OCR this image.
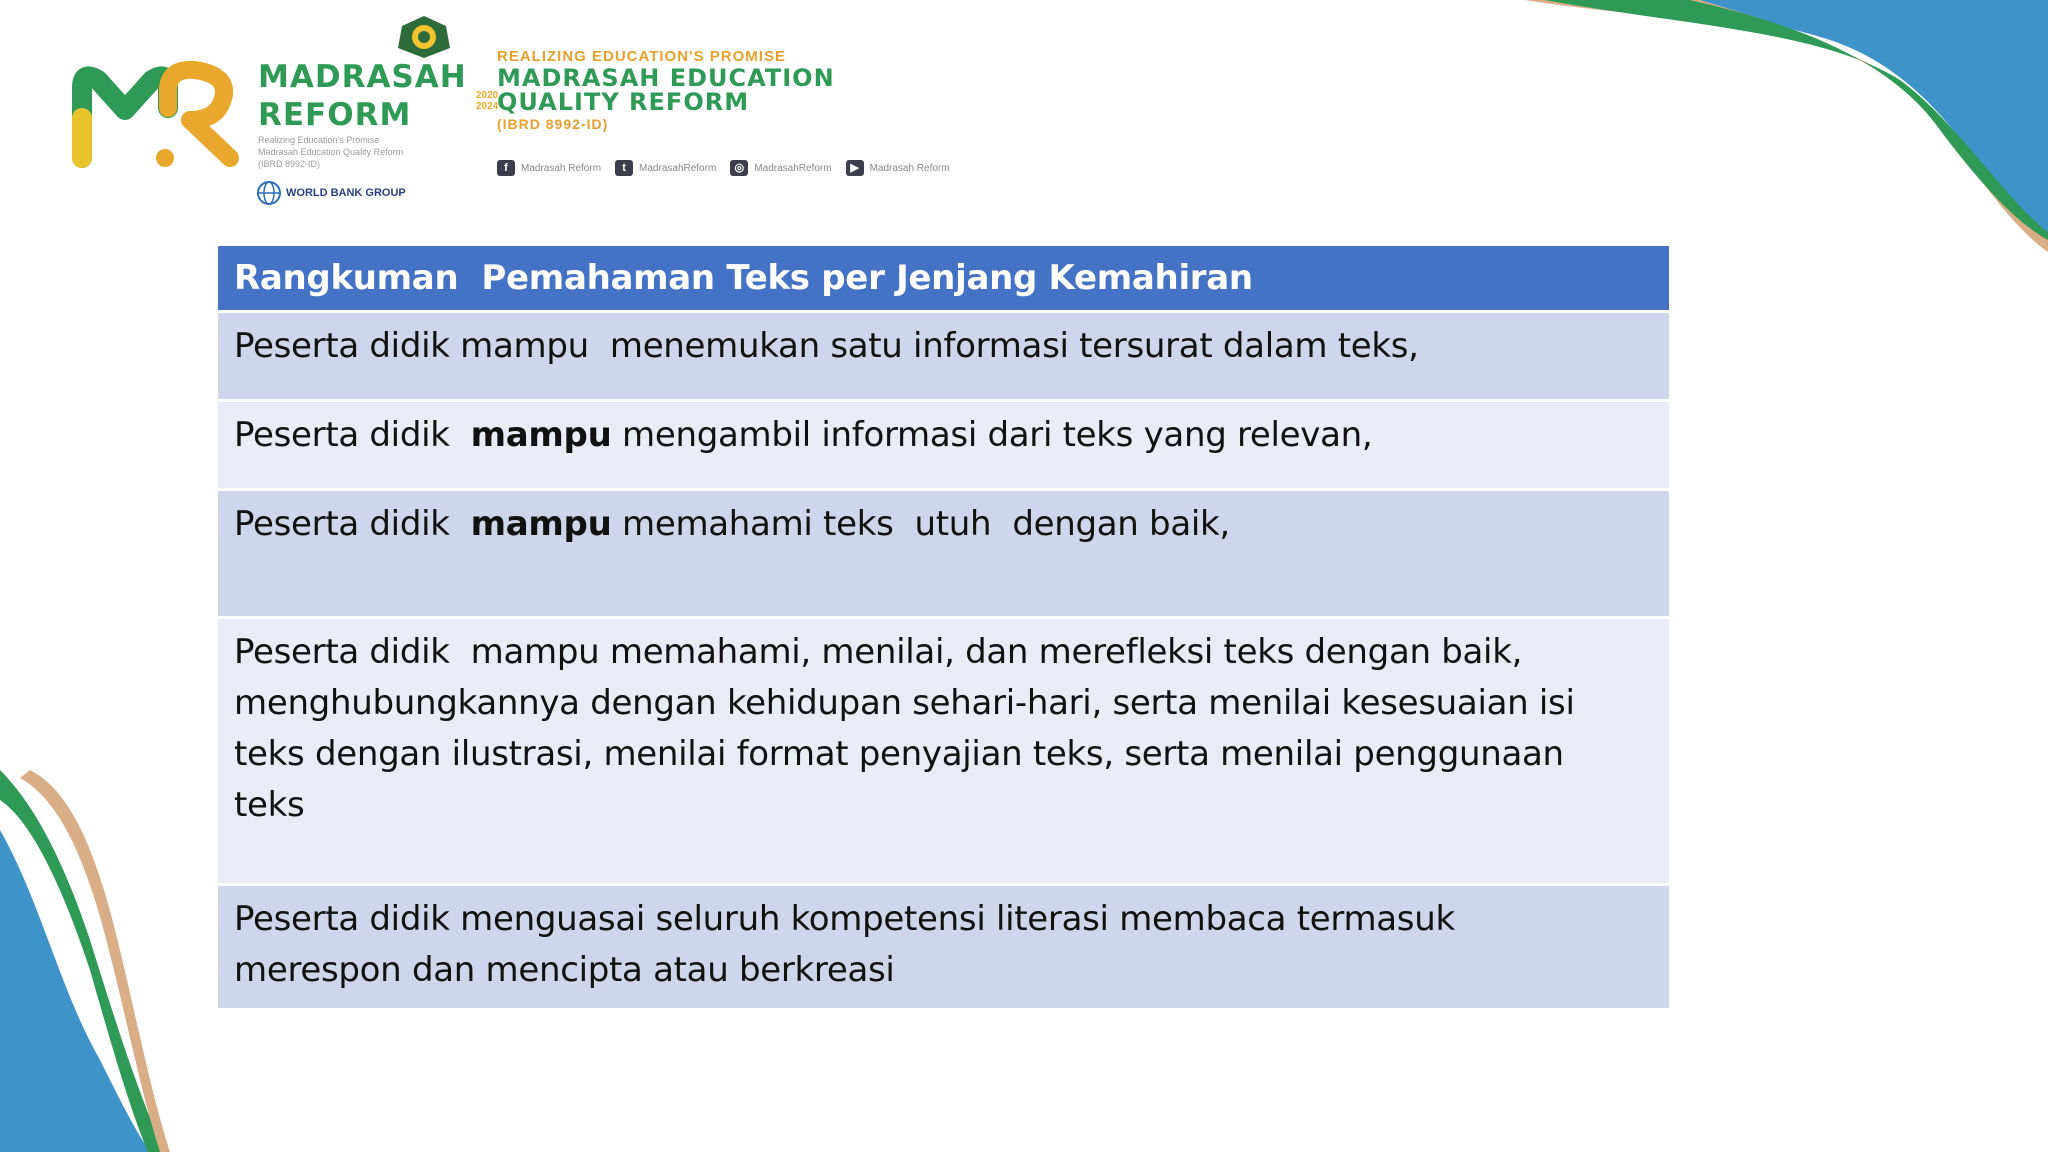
MADRASAH
REFORM
2020
2024
Realizing Education's Promise
Madrasah Education Quality Reform
(IBRD 8992-ID)
WORLD BANK GROUP
REALIZING EDUCATION'S PROMISE
MADRASAH EDUCATION
QUALITY REFORM
(IBRD 8992-ID)
f	Madrasah Reform	t	MadrasahReform	◎	MadrasahReform	▶	Madrasah Reform
Rangkuman  Pemahaman Teks per Jenjang Kemahiran
Peserta didik mampu  menemukan satu informasi tersurat dalam teks,
Peserta didik  mampu mengambil informasi dari teks yang relevan,
Peserta didik  mampu memahami teks  utuh  dengan baik,
Peserta didik  mampu memahami, menilai, dan merefleksi teks dengan baik,
menghubungkannya dengan kehidupan sehari-hari, serta menilai kesesuaian isi
teks dengan ilustrasi, menilai format penyajian teks, serta menilai penggunaan
teks
Peserta didik menguasai seluruh kompetensi literasi membaca termasuk
merespon dan mencipta atau berkreasi
